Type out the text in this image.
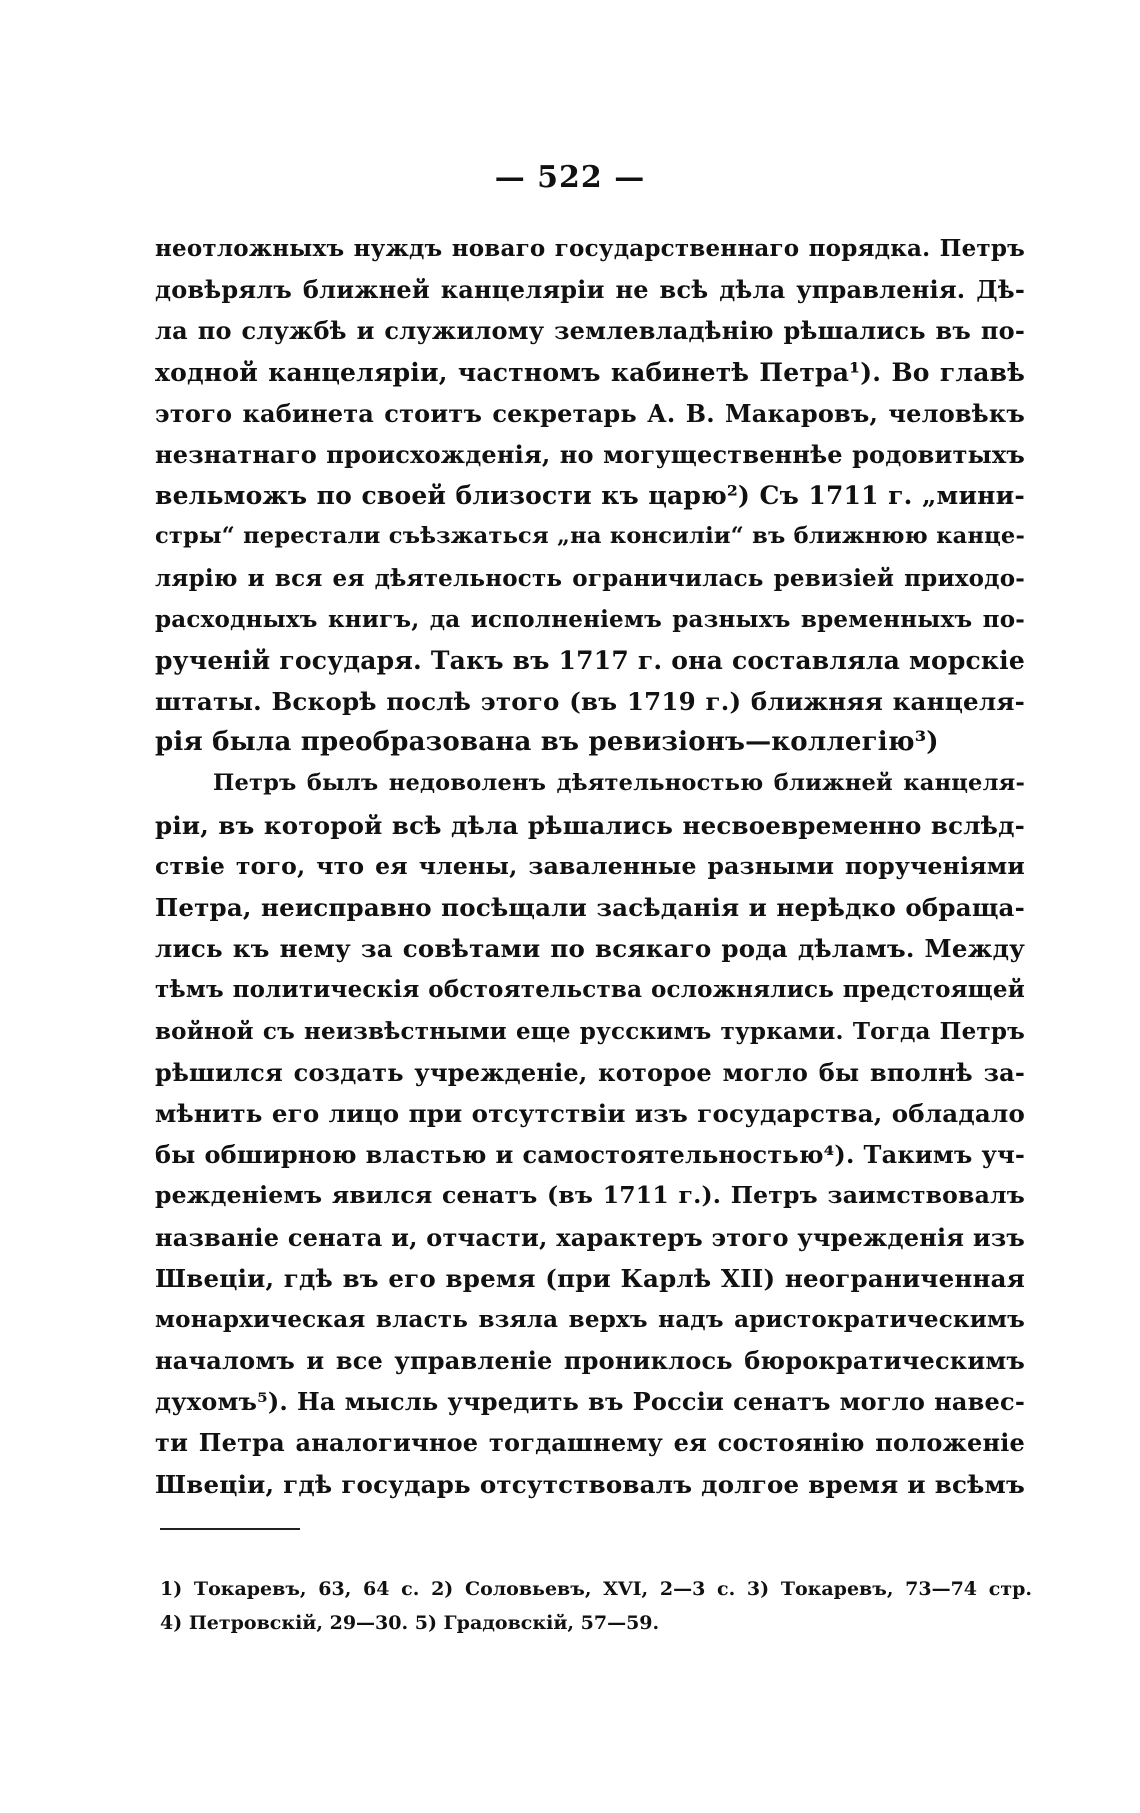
— 522 —
неотложныхъ нуждъ новаго государственнаго порядка. Петръ
довѣрялъ ближней канцеляріи не всѣ дѣла управленія. Дѣ-
ла по службѣ и служилому землевладѣнію рѣшались въ по-
ходной канцеляріи, частномъ кабинетѣ Петра¹). Во главѣ
этого кабинета стоитъ секретарь А. В. Макаровъ, человѣкъ
незнатнаго происхожденія, но могущественнѣе родовитыхъ
вельможъ по своей близости къ царю²) Съ 1711 г. „мини-
стры“ перестали съѣзжаться „на консиліи“ въ ближнюю канце-
лярію и вся ея дѣятельность ограничилась ревизіей приходо-
расходныхъ книгъ, да исполненіемъ разныхъ временныхъ по-
рученій государя. Такъ въ 1717 г. она составляла морскіе
штаты. Вскорѣ послѣ этого (въ 1719 г.) ближняя канцеля-
рія была преобразована въ ревизіонъ—коллегію³)
Петръ былъ недоволенъ дѣятельностью ближней канцеля-
ріи, въ которой всѣ дѣла рѣшались несвоевременно вслѣд-
ствіе того, что ея члены, заваленные разными порученіями
Петра, неисправно посѣщали засѣданія и нерѣдко обраща-
лись къ нему за совѣтами по всякаго рода дѣламъ. Между
тѣмъ политическія обстоятельства осложнялись предстоящей
войной съ неизвѣстными еще русскимъ турками. Тогда Петръ
рѣшился создать учрежденіе, которое могло бы вполнѣ за-
мѣнить его лицо при отсутствіи изъ государства, обладало
бы обширною властью и самостоятельностью⁴). Такимъ уч-
режденіемъ явился сенатъ (въ 1711 г.). Петръ заимствовалъ
названіе сената и, отчасти, характеръ этого учрежденія изъ
Швеціи, гдѣ въ его время (при Карлѣ XII) неограниченная
монархическая власть взяла верхъ надъ аристократическимъ
началомъ и все управленіе прониклось бюрократическимъ
духомъ⁵). На мысль учредить въ Россіи сенатъ могло навес-
ти Петра аналогичное тогдашнему ея состоянію положеніе
Швеціи, гдѣ государь отсутствовалъ долгое время и всѣмъ
1) Токаревъ, 63, 64 с. 2) Соловьевъ, XVI, 2—3 с. 3) Токаревъ, 73—74 стр.
4) Петровскій, 29—30. 5) Градовскій, 57—59.
